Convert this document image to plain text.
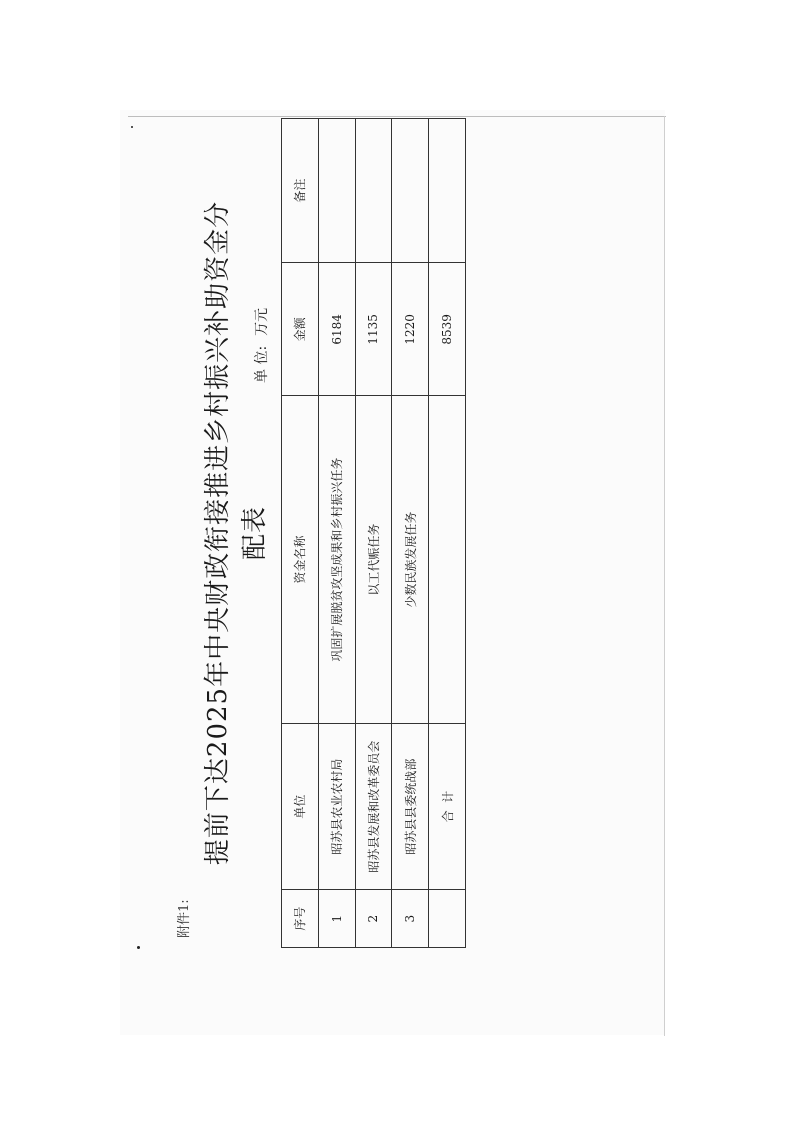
附件1:
提前下达2025年中央财政衔接推进乡村振兴补助资金分配表
单 位:万元
序号	单位	资金名称	金额	备注
1	昭苏县农业农村局	巩固扩展脱贫攻坚成果和乡村振兴任务	6184	
2	昭苏县发展和改革委员会	以工代赈任务	1135	
3	昭苏县县委统战部	少数民族发展任务	1220	
	合  计		8539	
